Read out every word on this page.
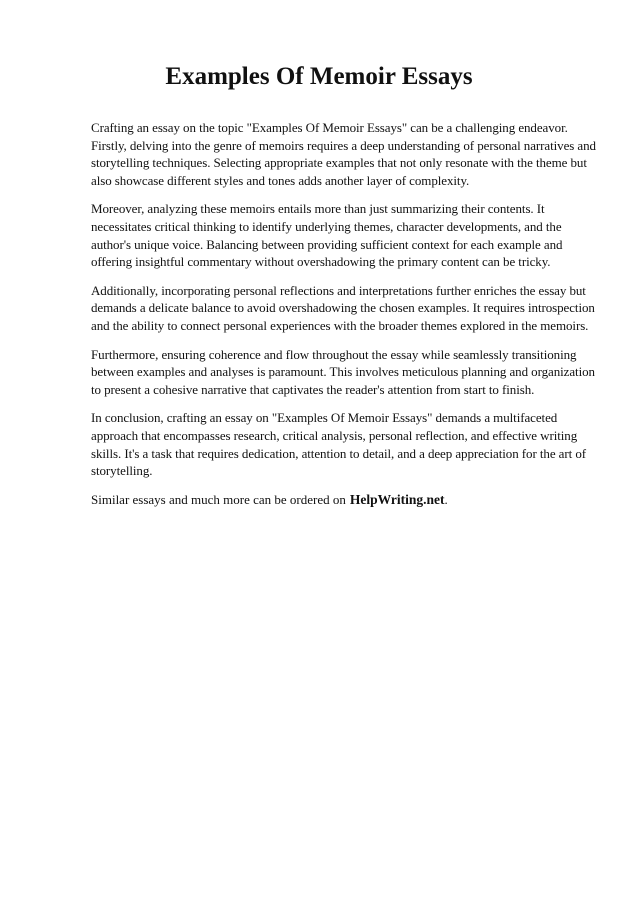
Examples Of Memoir Essays

Crafting an essay on the topic "Examples Of Memoir Essays" can be a challenging endeavor. Firstly, delving into the genre of memoirs requires a deep understanding of personal narratives and storytelling techniques. Selecting appropriate examples that not only resonate with the theme but also showcase different styles and tones adds another layer of complexity.

Moreover, analyzing these memoirs entails more than just summarizing their contents. It necessitates critical thinking to identify underlying themes, character developments, and the author's unique voice. Balancing between providing sufficient context for each example and offering insightful commentary without overshadowing the primary content can be tricky.

Additionally, incorporating personal reflections and interpretations further enriches the essay but demands a delicate balance to avoid overshadowing the chosen examples. It requires introspection and the ability to connect personal experiences with the broader themes explored in the memoirs.

Furthermore, ensuring coherence and flow throughout the essay while seamlessly transitioning between examples and analyses is paramount. This involves meticulous planning and organization to present a cohesive narrative that captivates the reader's attention from start to finish.

In conclusion, crafting an essay on "Examples Of Memoir Essays" demands a multifaceted approach that encompasses research, critical analysis, personal reflection, and effective writing skills. It's a task that requires dedication, attention to detail, and a deep appreciation for the art of storytelling.

Similar essays and much more can be ordered on HelpWriting.net.
